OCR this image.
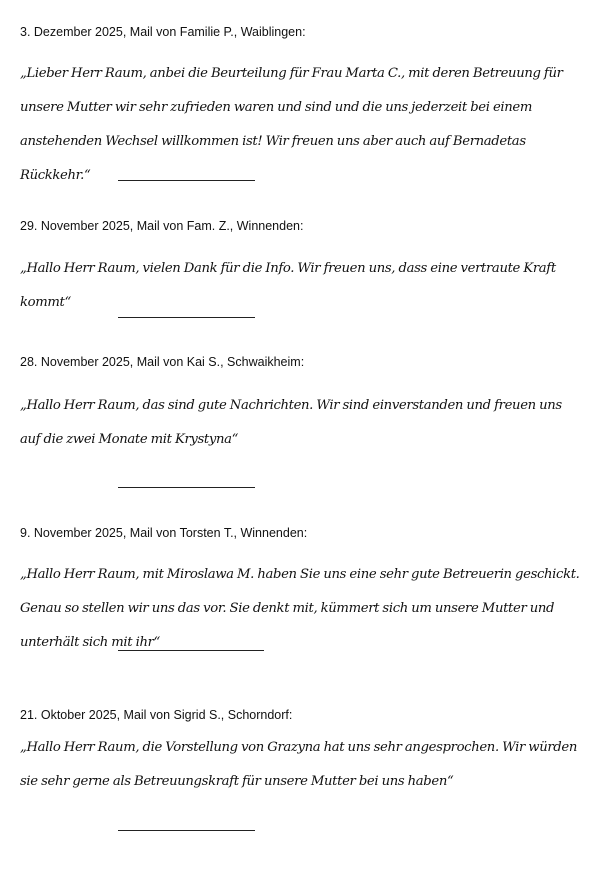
3. Dezember 2025, Mail von Familie P., Waiblingen:

„Lieber Herr Raum, anbei die Beurteilung für Frau Marta C., mit deren Betreuung für unsere Mutter wir sehr zufrieden waren und sind und die uns jederzeit bei einem anstehenden Wechsel willkommen ist! Wir freuen uns aber auch auf Bernadetas Rückkehr.“

29. November 2025, Mail von Fam. Z., Winnenden:

„Hallo Herr Raum, vielen Dank für die Info. Wir freuen uns, dass eine vertraute Kraft kommt“

28. November 2025, Mail von Kai S., Schwaikheim:

„Hallo Herr Raum, das sind gute Nachrichten. Wir sind einverstanden und freuen uns auf die zwei Monate mit Krystyna“

9. November 2025, Mail von Torsten T., Winnenden:

„Hallo Herr Raum, mit Miroslawa M. haben Sie uns eine sehr gute Betreuerin geschickt. Genau so stellen wir uns das vor. Sie denkt mit, kümmert sich um unsere Mutter und unterhält sich mit ihr“

21. Oktober 2025, Mail von Sigrid S., Schorndorf:

„Hallo Herr Raum, die Vorstellung von Grazyna hat uns sehr angesprochen. Wir würden sie sehr gerne als Betreuungskraft für unsere Mutter bei uns haben“
